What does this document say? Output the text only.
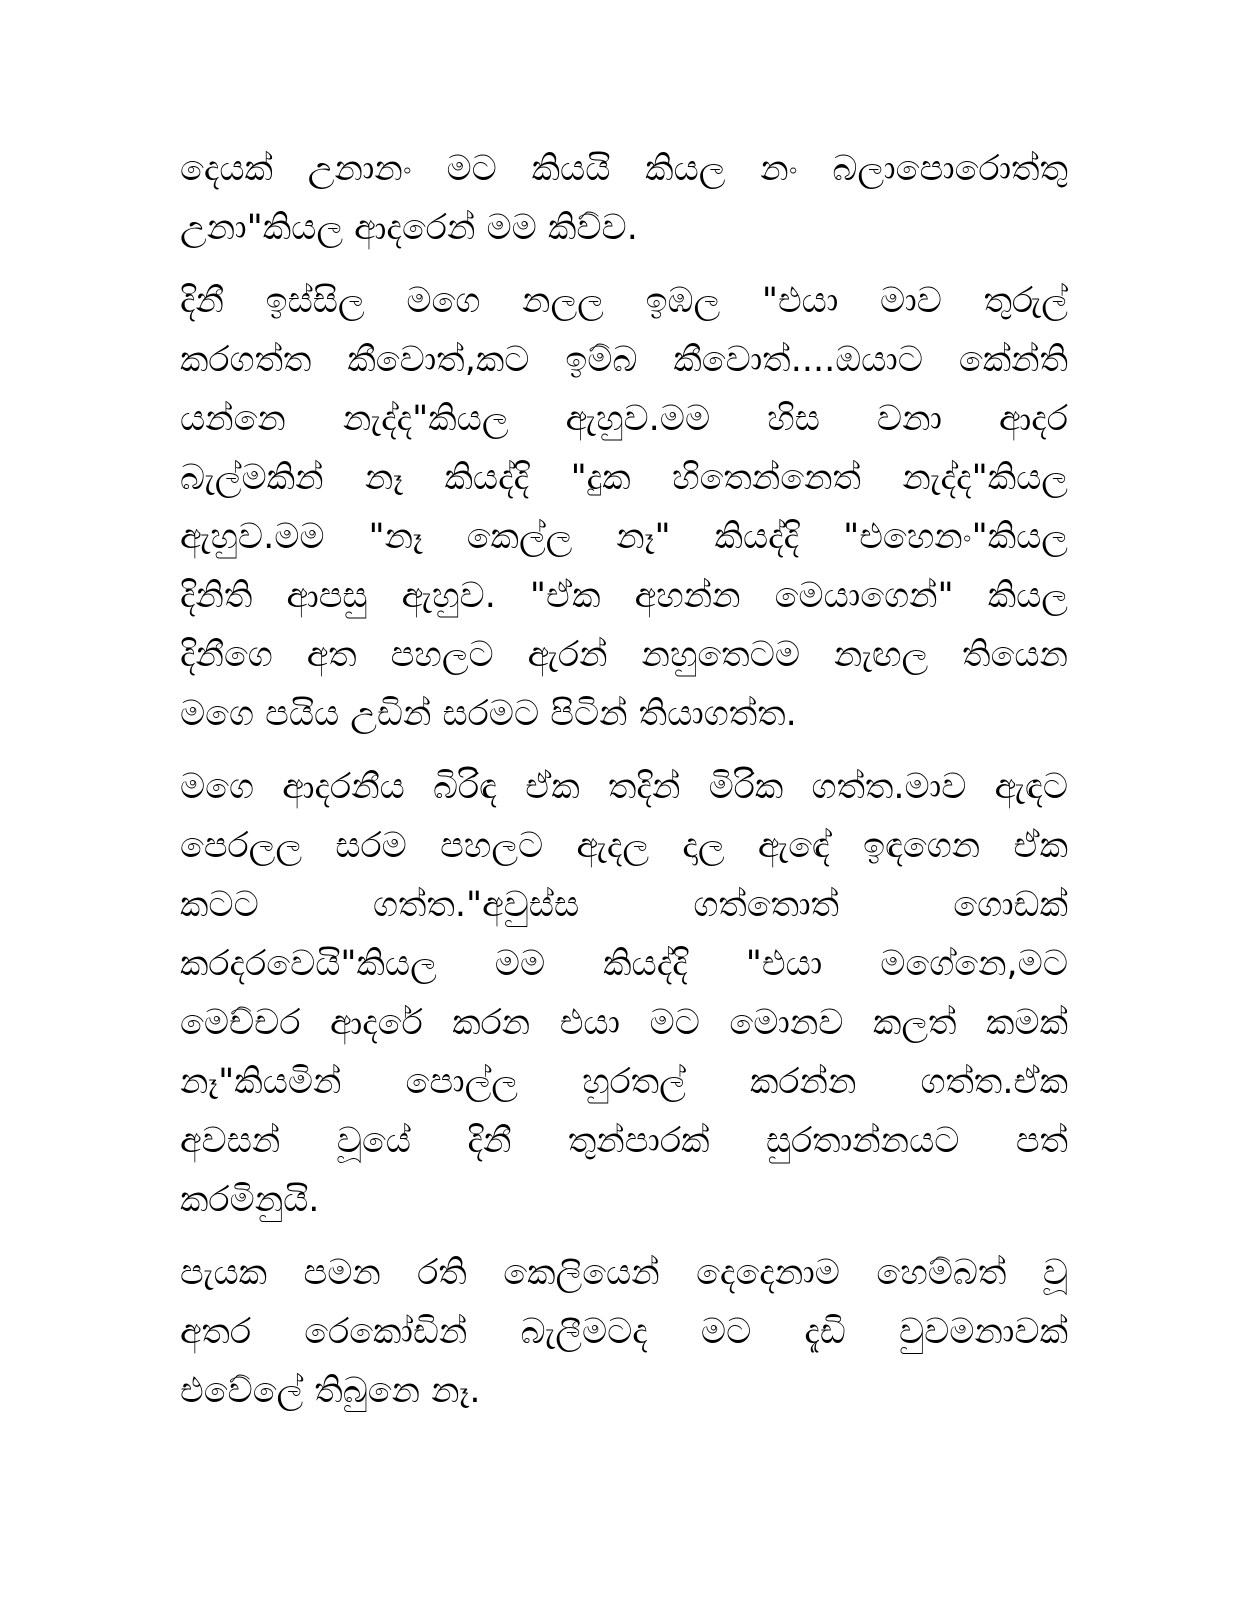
දෙයක් උනානං මට කියයි කියල නං බලාපොරොත්තු
උනා"කියල ආදරෙන් මම කිව්ව.

දිනී ඉස්සිල මගෙ නලල ඉඹල "එයා මාව තුරුල්
කරගත්ත කීවොත්,කට ඉම්බ කීවොත්....ඔයාට කේන්ති
යන්නෙ නැද්ද"කියල ඇහුව.මම හිස වනා ආදර
බැල්මකින් නෑ කියද්දි "දුක හිතෙන්නෙත් නැද්ද"කියල
ඇහුව.මම "නෑ කෙල්ල නෑ" කියද්දි "එහෙනං"කියල
දිනිති ආපසු ඇහුව. "ඒක අහන්න මෙයාගෙන්" කියල
දිනීගෙ අත පහලට ඇරන් නහුතෙටම නැඟල තියෙන
මගෙ පයිය උඩින් සරමට පිටින් තියාගත්ත.

මගෙ ආදරනීය බිරිඳ ඒක තදින් මිරික ගත්ත.මාව ඇඳට
පෙරලල සරම පහලට ඇදල දාල ඇඳේ ඉඳගෙන ඒක
කටට ගත්ත."අවුස්ස ගත්තොත් ගොඩක්
කරදරවෙයි"කියල මම කියද්දි "එයා මගේනෙ,මට
මෙච්චර ආදරේ කරන එයා මට මොනව කලත් කමක්
නෑ"කියමින් පොල්ල හුරතල් කරන්න ගත්ත.ඒක
අවසන් වූයේ දිනී තුන්පාරක් සුරතාන්නයට පත්
කරමිනුයි.

පැයක පමන රති කෙලියෙන් දෙදෙනාම හෙම්බත් වූ
අතර රෙකෝඩින් බැලීමටද මට දැඩි වුවමනාවක්
එවේලේ තිබුනෙ නෑ.
